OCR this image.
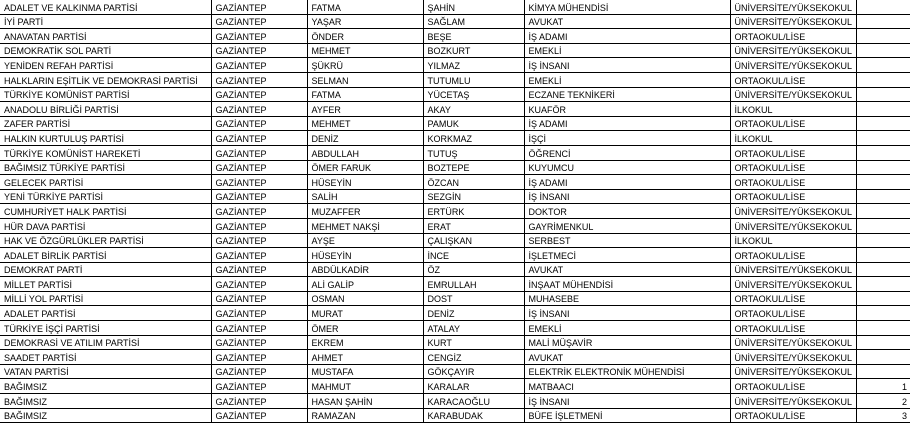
ADALET VE KALKINMA PARTİSİ	GAZİANTEP	FATMA	ŞAHİN	KİMYA MÜHENDİSİ	ÜNİVERSİTE/YÜKSEKOKUL	
İYİ PARTİ	GAZİANTEP	YAŞAR	SAĞLAM	AVUKAT	ÜNİVERSİTE/YÜKSEKOKUL	
ANAVATAN PARTİSİ	GAZİANTEP	ÖNDER	BEŞE	İŞ ADAMI	ORTAOKUL/LİSE	
DEMOKRATİK SOL PARTİ	GAZİANTEP	MEHMET	BOZKURT	EMEKLİ	ÜNİVERSİTE/YÜKSEKOKUL	
YENİDEN REFAH PARTİSİ	GAZİANTEP	ŞÜKRÜ	YILMAZ	İŞ İNSANI	ÜNİVERSİTE/YÜKSEKOKUL	
HALKLARIN EŞİTLİK VE DEMOKRASİ PARTİSİ	GAZİANTEP	SELMAN	TUTUMLU	EMEKLİ	ORTAOKUL/LİSE	
TÜRKİYE KOMÜNİST PARTİSİ	GAZİANTEP	FATMA	YÜCETAŞ	ECZANE TEKNİKERİ	ÜNİVERSİTE/YÜKSEKOKUL	
ANADOLU BİRLİĞİ PARTİSİ	GAZİANTEP	AYFER	AKAY	KUAFÖR	İLKOKUL	
ZAFER PARTİSİ	GAZİANTEP	MEHMET	PAMUK	İŞ ADAMI	ORTAOKUL/LİSE	
HALKIN KURTULUŞ PARTİSİ	GAZİANTEP	DENİZ	KORKMAZ	İŞÇİ	İLKOKUL	
TÜRKİYE KOMÜNİST HAREKETİ	GAZİANTEP	ABDULLAH	TUTUŞ	ÖĞRENCİ	ORTAOKUL/LİSE	
BAĞIMSIZ TÜRKİYE PARTİSİ	GAZİANTEP	ÖMER FARUK	BOZTEPE	KUYUMCU	ORTAOKUL/LİSE	
GELECEK PARTİSİ	GAZİANTEP	HÜSEYİN	ÖZCAN	İŞ ADAMI	ORTAOKUL/LİSE	
YENİ TÜRKİYE PARTİSİ	GAZİANTEP	SALİH	SEZGİN	İŞ İNSANI	ORTAOKUL/LİSE	
CUMHURİYET HALK PARTİSİ	GAZİANTEP	MUZAFFER	ERTÜRK	DOKTOR	ÜNİVERSİTE/YÜKSEKOKUL	
HÜR DAVA PARTİSİ	GAZİANTEP	MEHMET NAKŞİ	ERAT	GAYRİMENKUL	ÜNİVERSİTE/YÜKSEKOKUL	
HAK VE ÖZGÜRLÜKLER PARTİSİ	GAZİANTEP	AYŞE	ÇALIŞKAN	SERBEST	İLKOKUL	
ADALET BİRLİK PARTİSİ	GAZİANTEP	HÜSEYİN	İNCE	İŞLETMECİ	ORTAOKUL/LİSE	
DEMOKRAT PARTİ	GAZİANTEP	ABDÜLKADİR	ÖZ	AVUKAT	ÜNİVERSİTE/YÜKSEKOKUL	
MİLLET PARTİSİ	GAZİANTEP	ALİ GALİP	EMRULLAH	İNŞAAT MÜHENDİSİ	ÜNİVERSİTE/YÜKSEKOKUL	
MİLLİ YOL PARTİSİ	GAZİANTEP	OSMAN	DOST	MUHASEBE	ORTAOKUL/LİSE	
ADALET PARTİSİ	GAZİANTEP	MURAT	DENİZ	İŞ İNSANI	ORTAOKUL/LİSE	
TÜRKİYE İŞÇİ PARTİSİ	GAZİANTEP	ÖMER	ATALAY	EMEKLİ	ORTAOKUL/LİSE	
DEMOKRASİ VE ATILIM PARTİSİ	GAZİANTEP	EKREM	KURT	MALİ MÜŞAVİR	ÜNİVERSİTE/YÜKSEKOKUL	
SAADET PARTİSİ	GAZİANTEP	AHMET	CENGİZ	AVUKAT	ÜNİVERSİTE/YÜKSEKOKUL	
VATAN PARTİSİ	GAZİANTEP	MUSTAFA	GÖKÇAYIR	ELEKTRİK ELEKTRONİK MÜHENDİSİ	ÜNİVERSİTE/YÜKSEKOKUL	
BAĞIMSIZ	GAZİANTEP	MAHMUT	KARALAR	MATBAACI	ORTAOKUL/LİSE	1
BAĞIMSIZ	GAZİANTEP	HASAN ŞAHİN	KARACAOĞLU	İŞ İNSANI	ÜNİVERSİTE/YÜKSEKOKUL	2
BAĞIMSIZ	GAZİANTEP	RAMAZAN	KARABUDAK	BÜFE İŞLETMENİ	ORTAOKUL/LİSE	3
